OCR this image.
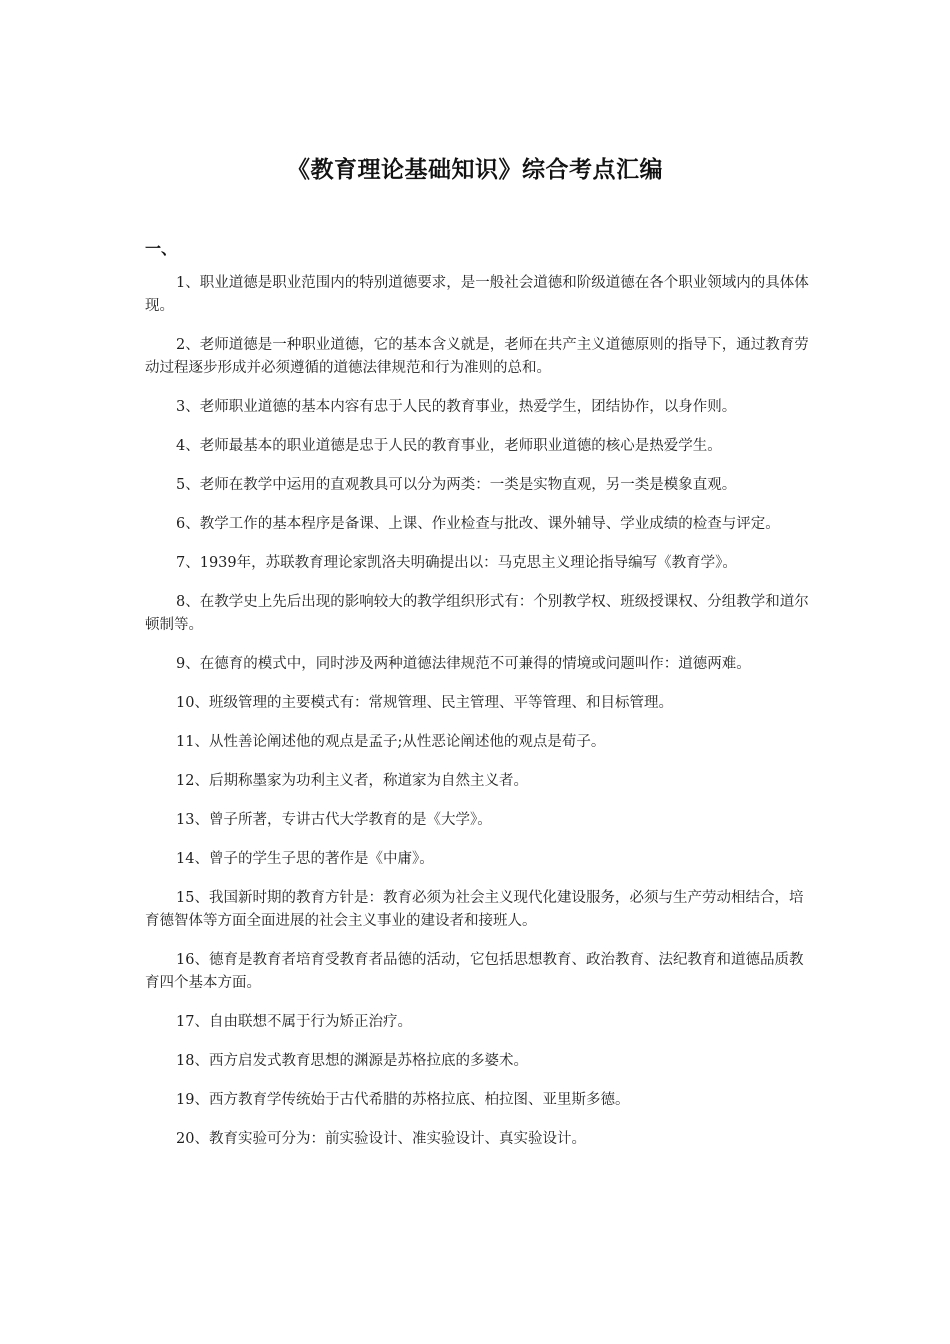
《教育理论基础知识》综合考点汇编
一、
1、职业道德是职业范围内的特别道德要求，是一般社会道德和阶级道德在各个职业领域内的具体体现。
2、老师道德是一种职业道德，它的基本含义就是，老师在共产主义道德原则的指导下，通过教育劳动过程逐步形成并必须遵循的道德法律规范和行为准则的总和。
3、老师职业道德的基本内容有忠于人民的教育事业，热爱学生，团结协作，以身作则。
4、老师最基本的职业道德是忠于人民的教育事业，老师职业道德的核心是热爱学生。
5、老师在教学中运用的直观教具可以分为两类：一类是实物直观，另一类是模象直观。
6、教学工作的基本程序是备课、上课、作业检查与批改、课外辅导、学业成绩的检查与评定。
7、1939年，苏联教育理论家凯洛夫明确提出以：马克思主义理论指导编写《教育学》。
8、在教学史上先后出现的影响较大的教学组织形式有：个别教学权、班级授课权、分组教学和道尔顿制等。
9、在德育的模式中，同时涉及两种道德法律规范不可兼得的情境或问题叫作：道德两难。
10、班级管理的主要模式有：常规管理、民主管理、平等管理、和目标管理。
11、从性善论阐述他的观点是孟子;从性恶论阐述他的观点是荀子。
12、后期称墨家为功利主义者，称道家为自然主义者。
13、曾子所著，专讲古代大学教育的是《大学》。
14、曾子的学生子思的著作是《中庸》。
15、我国新时期的教育方针是：教育必须为社会主义现代化建设服务，必须与生产劳动相结合，培育德智体等方面全面进展的社会主义事业的建设者和接班人。
16、德育是教育者培育受教育者品德的活动，它包括思想教育、政治教育、法纪教育和道德品质教育四个基本方面。
17、自由联想不属于行为矫正治疗。
18、西方启发式教育思想的渊源是苏格拉底的多婆术。
19、西方教育学传统始于古代希腊的苏格拉底、柏拉图、亚里斯多德。
20、教育实验可分为：前实验设计、准实验设计、真实验设计。
